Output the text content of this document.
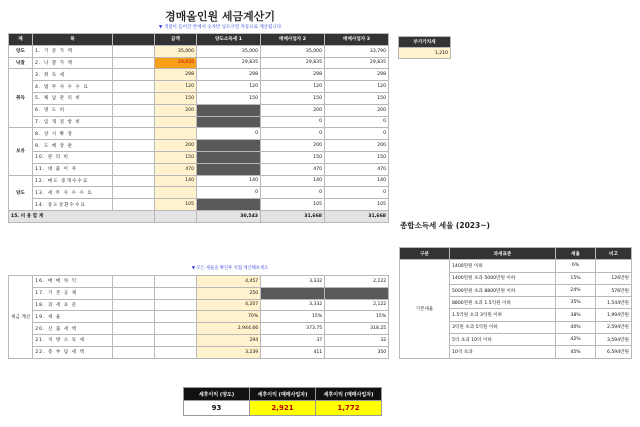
경매올인원 세금계산기
▼ 색칠이 들어간 칸에서 숫자만 넣으시면 자동으로 계산됩니다
제	목		금액	양도소득세 1	매매사업자 2	매매사업자 3
양도	1. 기 준 가 액		35,000	35,000	35,000	33,790
낙찰	2. 낙 찰 가 액		29,835	29,835	29,835	29,835
취득	3. 취 득 세		298	298	298	298
	4. 법 무 사 수 수 료		120	120	120	120
	5. 체 납 관 리 비		150	150	150	150
	6. 명 도 비		200		200	200
	7. 임 개 질 항 비				0	0
보유	8. 상 시 확 장			0	0	0
	9. 도 배 장 판		200		200	200
	10. 관 리 비		150		150	150
	11. 대 출 이 자		470		470	470
양도	12. 매도 중개수수료		140	140	140	140
	13. 세 무 사 수 수 료			0	0	0
	14. 중도상환수수료		105		105	105
15. 비 용 합 계				30,543	31,668	31,668
▼ 모든 세율을 확인후 직접 계산해보세요
세금 계산	16. 매 매 차 익			4,457	3,332	2,122
	17. 기 본 공 제			250		
	18. 과 세 표 준			4,207	3,332	2,122
	19. 세 율			70%	15%	15%
	20. 산 출 세 액			2,944.66	373.75	318.25
	21. 지 방 소 득 세			294	37	32
	22. 총 부 담 세 액			3,239	411	350
부가가치세
1,210
종합소득세 세율 (2023~)
구분	과세표준	세율	비고
기본세율	1400만원 이하	6%	
	1400만원 초과 5000만원 이하	15%	126만원
	5000만원 초과 8800만원 이하	24%	576만원
	8800만원 초과 1.5억원 이하	35%	1,544만원
	1.5억원 초과 3억원 이하	38%	1,994만원
	3억원 초과 5억원 이하	40%	2,594만원
	5억 초과 10억 이하	42%	3,594만원
	10억 초과	45%	6,594만원
세후이익 (양도)	세후이익 (매매사업자)	세후이익 (매매사업자)
93	2,921	1,772
